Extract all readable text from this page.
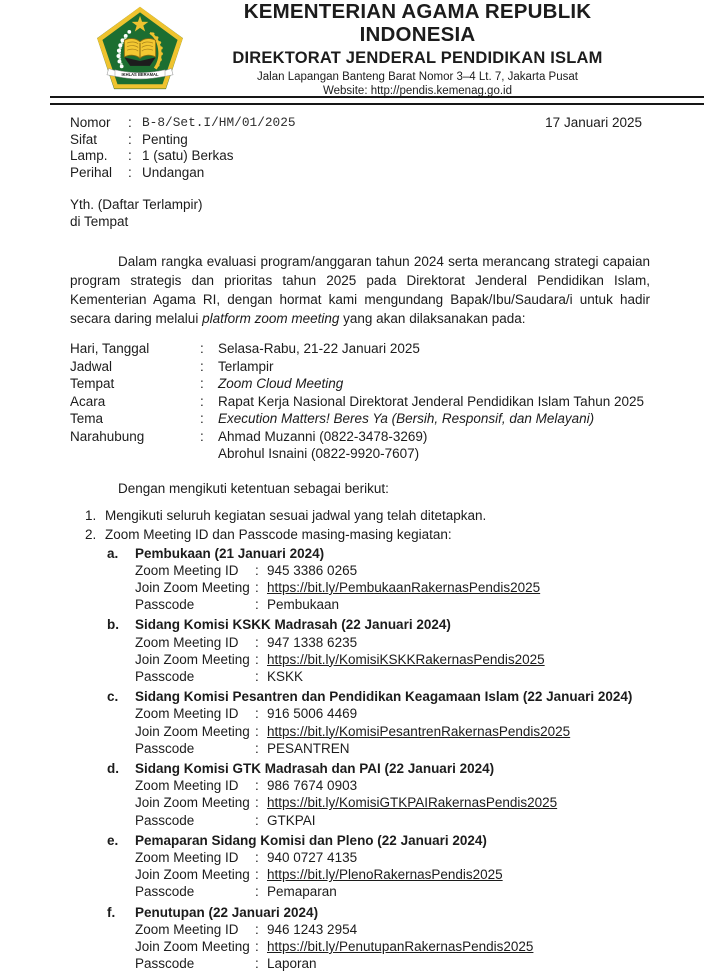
IKHLAS BERAMAL
KEMENTERIAN AGAMA REPUBLIK INDONESIA
DIREKTORAT JENDERAL PENDIDIKAN ISLAM
Jalan Lapangan Banteng Barat Nomor 3–4 Lt. 7, Jakarta Pusat
Website: http://pendis.kemenag.go.id
17 Januari 2025
Nomor	: B-8/Set.I/HM/01/2025
Sifat	: Penting
Lamp.	: 1 (satu) Berkas
Perihal	: Undangan
Yth. (Daftar Terlampir)
di Tempat

Dalam rangka evaluasi program/anggaran tahun 2024 serta merancang strategi capaian program strategis dan prioritas tahun 2025 pada Direktorat Jenderal Pendidikan Islam, Kementerian Agama RI, dengan hormat kami mengundang Bapak/Ibu/Saudara/i untuk hadir secara daring melalui platform zoom meeting yang akan dilaksanakan pada:

Hari, Tanggal	:	Selasa-Rabu, 21-22 Januari 2025
Jadwal	:	Terlampir
Tempat	:	Zoom Cloud Meeting
Acara	:	Rapat Kerja Nasional Direktorat Jenderal Pendidikan Islam Tahun 2025
Tema	:	Execution Matters! Beres Ya (Bersih, Responsif, dan Melayani)
Narahubung	:	Ahmad Muzanni (0822-3478-3269)
Abrohul Isnaini (0822-9920-7607)

Dengan mengikuti ketentuan sebagai berikut:

1. Mengikuti seluruh kegiatan sesuai jadwal yang telah ditetapkan.
2. Zoom Meeting ID dan Passcode masing-masing kegiatan:
a.	Pembukaan (21 Januari 2024)
Zoom Meeting ID	: 945 3386 0265
Join Zoom Meeting : https://bit.ly/PembukaanRakernasPendis2025
Passcode	: Pembukaan
b.	Sidang Komisi KSKK Madrasah (22 Januari 2024)
Zoom Meeting ID	: 947 1338 6235
Join Zoom Meeting : https://bit.ly/KomisiKSKKRakernasPendis2025
Passcode	: KSKK
c.	Sidang Komisi Pesantren dan Pendidikan Keagamaan Islam (22 Januari 2024)
Zoom Meeting ID	: 916 5006 4469
Join Zoom Meeting : https://bit.ly/KomisiPesantrenRakernasPendis2025
Passcode	: PESANTREN
d.	Sidang Komisi GTK Madrasah dan PAI (22 Januari 2024)
Zoom Meeting ID	: 986 7674 0903
Join Zoom Meeting : https://bit.ly/KomisiGTKPAIRakernasPendis2025
Passcode	: GTKPAI
e.	Pemaparan Sidang Komisi dan Pleno (22 Januari 2024)
Zoom Meeting ID	: 940 0727 4135
Join Zoom Meeting : https://bit.ly/PlenoRakernasPendis2025
Passcode	: Pemaparan
f.	Penutupan (22 Januari 2024)
Zoom Meeting ID	: 946 1243 2954
Join Zoom Meeting : https://bit.ly/PenutupanRakernasPendis2025
Passcode	: Laporan
